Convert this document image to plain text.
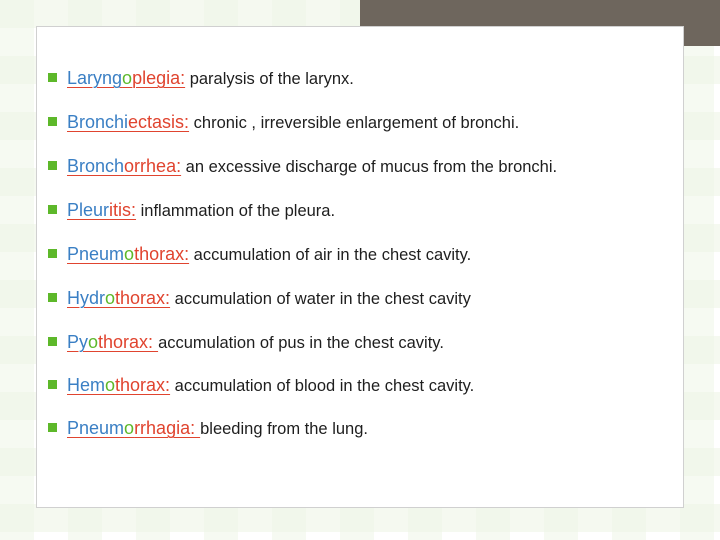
Laryngoplegia: paralysis of the larynx.
Bronchiectasis: chronic , irreversible enlargement of bronchi.
Bronchorrhea: an excessive discharge of mucus from the bronchi.
Pleuritis: inflammation of the pleura.
Pneumothorax: accumulation of air in the chest cavity.
Hydrothorax: accumulation of water in the chest cavity
Pyothorax: accumulation of pus in the chest cavity.
Hemothorax: accumulation of blood in the chest cavity.
Pneumorrhagia: bleeding from the lung.
